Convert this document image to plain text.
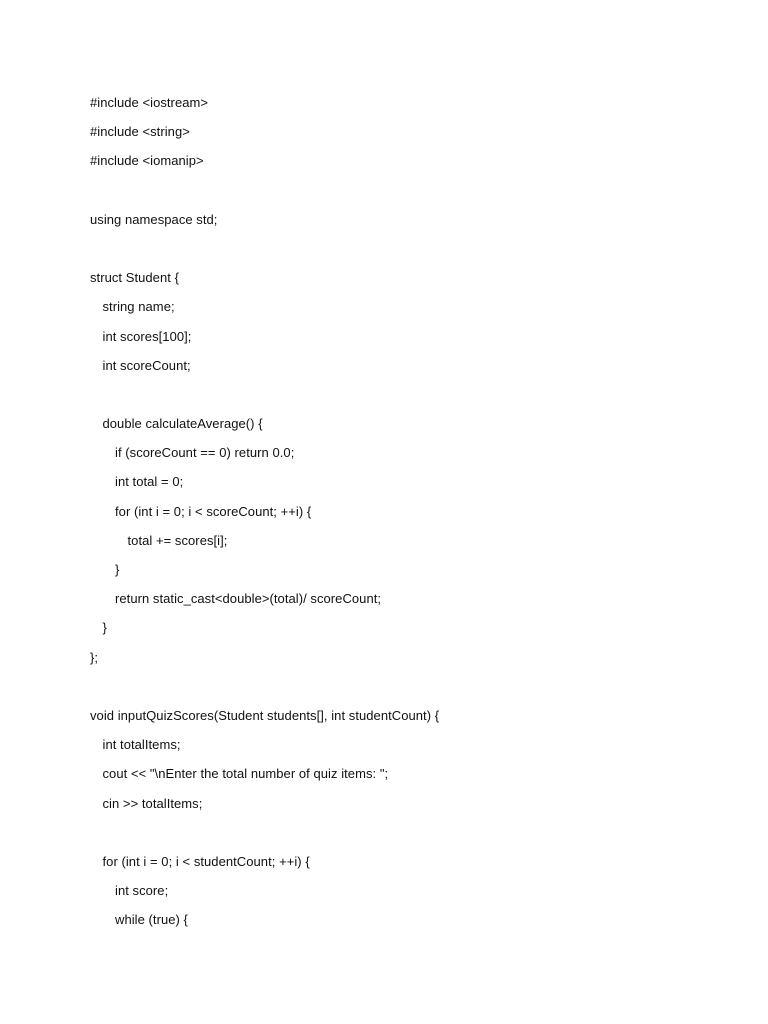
#include <iostream>
#include <string>
#include <iomanip>
using namespace std;
struct Student {
string name;
int scores[100];
int scoreCount;
double calculateAverage() {
if (scoreCount == 0) return 0.0;
int total = 0;
for (int i = 0; i < scoreCount; ++i) {
total += scores[i];
}
return static_cast<double>(total)/ scoreCount;
}
};
void inputQuizScores(Student students[], int studentCount) {
int totalItems;
cout << "\nEnter the total number of quiz items: ";
cin >> totalItems;
for (int i = 0; i < studentCount; ++i) {
int score;
while (true) {
